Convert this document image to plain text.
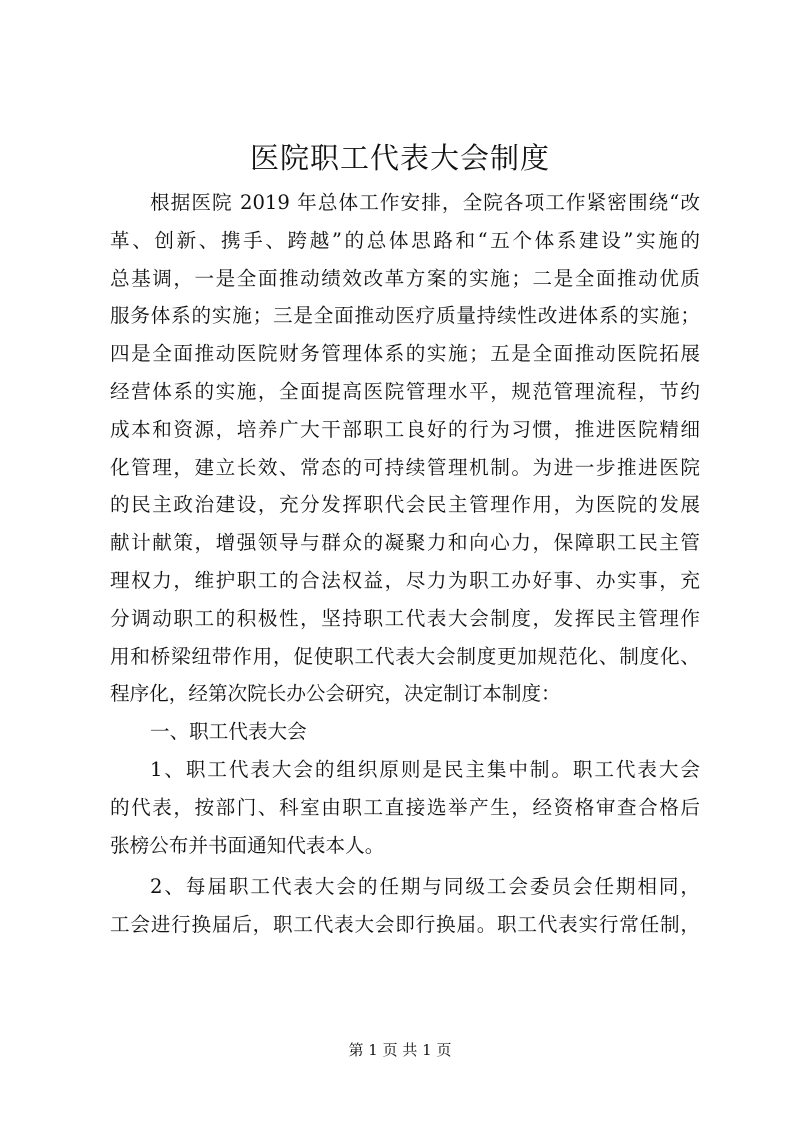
医院职工代表大会制度
根据医院 2019 年总体工作安排，全院各项工作紧密围绕“改
革、创新、携手、跨越”的总体思路和“五个体系建设”实施的
总基调，一是全面推动绩效改革方案的实施；二是全面推动优质
服务体系的实施；三是全面推动医疗质量持续性改进体系的实施；
四是全面推动医院财务管理体系的实施；五是全面推动医院拓展
经营体系的实施，全面提高医院管理水平，规范管理流程，节约
成本和资源，培养广大干部职工良好的行为习惯，推进医院精细
化管理，建立长效、常态的可持续管理机制。为进一步推进医院
的民主政治建设，充分发挥职代会民主管理作用，为医院的发展
献计献策，增强领导与群众的凝聚力和向心力，保障职工民主管
理权力，维护职工的合法权益，尽力为职工办好事、办实事，充
分调动职工的积极性，坚持职工代表大会制度，发挥民主管理作
用和桥梁纽带作用，促使职工代表大会制度更加规范化、制度化、
程序化，经第次院长办公会研究，决定制订本制度：
一、职工代表大会
1、职工代表大会的组织原则是民主集中制。职工代表大会
的代表，按部门、科室由职工直接选举产生，经资格审查合格后
张榜公布并书面通知代表本人。
2、每届职工代表大会的任期与同级工会委员会任期相同，
工会进行换届后，职工代表大会即行换届。职工代表实行常任制，
第 1 页 共 1 页
